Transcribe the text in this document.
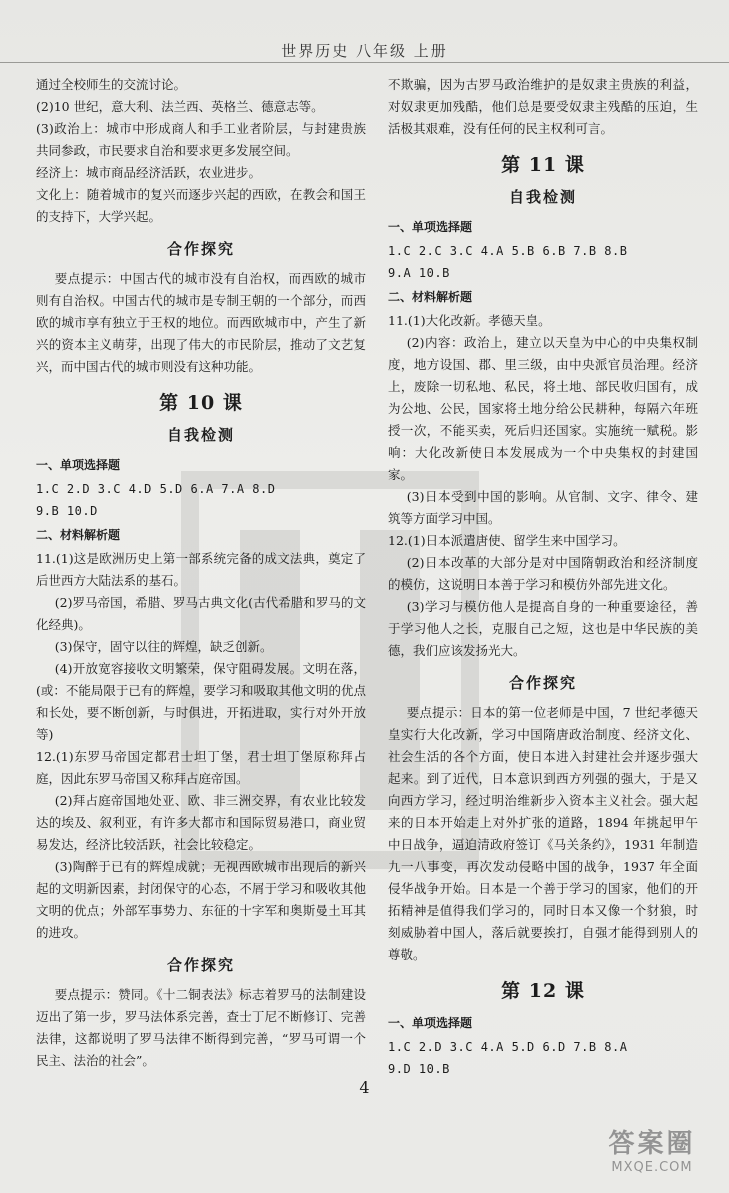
世界历史 八年级 上册

通过全校师生的交流讨论。

(2)10 世纪，意大利、法兰西、英格兰、德意志等。

(3)政治上：城市中形成商人和手工业者阶层，与封建贵族共同参政，市民要求自治和要求更多发展空间。

经济上：城市商品经济活跃，农业进步。

文化上：随着城市的复兴而逐步兴起的西欧，在教会和国王的支持下，大学兴起。

合作探究

要点提示：中国古代的城市没有自治权，而西欧的城市则有自治权。中国古代的城市是专制王朝的一个部分，而西欧的城市享有独立于王权的地位。而西欧城市中，产生了新兴的资本主义萌芽，出现了伟大的市民阶层，推动了文艺复兴，而中国古代的城市则没有这种功能。

第 10 课
自我检测
一、单项选择题
1.C 2.D 3.C 4.D 5.D 6.A 7.A 8.D
9.B 10.D
二、材料解析题

11.(1)这是欧洲历史上第一部系统完备的成文法典，奠定了后世西方大陆法系的基石。

(2)罗马帝国，希腊、罗马古典文化(古代希腊和罗马的文化经典)。

(3)保守，固守以往的辉煌，缺乏创新。

(4)开放宽容接收文明繁荣，保守阻碍发展。文明在落，(或：不能局限于已有的辉煌，要学习和吸取其他文明的优点和长处，要不断创新，与时俱进，开拓进取，实行对外开放等)

12.(1)东罗马帝国定都君士坦丁堡，君士坦丁堡原称拜占庭，因此东罗马帝国又称拜占庭帝国。

(2)拜占庭帝国地处亚、欧、非三洲交界，有农业比较发达的埃及、叙利亚，有许多大都市和国际贸易港口，商业贸易发达，经济比较活跃，社会比较稳定。

(3)陶醉于已有的辉煌成就；无视西欧城市出现后的新兴起的文明新因素，封闭保守的心态，不屑于学习和吸收其他文明的优点；外部军事势力、东征的十字军和奥斯曼土耳其的进攻。

合作探究

要点提示：赞同。《十二铜表法》标志着罗马的法制建设迈出了第一步，罗马法体系完善，查士丁尼不断修订、完善法律，这都说明了罗马法律不断得到完善，“罗马可谓一个民主、法治的社会”。

不欺骗，因为古罗马政治维护的是奴隶主贵族的利益，对奴隶更加残酷，他们总是要受奴隶主残酷的压迫，生活极其艰难，没有任何的民主权利可言。

第 11 课
自我检测
一、单项选择题
1.C 2.C 3.C 4.A 5.B 6.B 7.B 8.B
9.A 10.B
二、材料解析题

11.(1)大化改新。孝德天皇。

(2)内容：政治上，建立以天皇为中心的中央集权制度，地方设国、郡、里三级，由中央派官员治理。经济上，废除一切私地、私民，将土地、部民收归国有，成为公地、公民，国家将土地分给公民耕种，每隔六年班授一次，不能买卖，死后归还国家。实施统一赋税。影响：大化改新使日本发展成为一个中央集权的封建国家。

(3)日本受到中国的影响。从官制、文字、律令、建筑等方面学习中国。

12.(1)日本派遣唐使、留学生来中国学习。

(2)日本改革的大部分是对中国隋朝政治和经济制度的模仿，这说明日本善于学习和模仿外部先进文化。

(3)学习与模仿他人是提高自身的一种重要途径，善于学习他人之长，克服自己之短，这也是中华民族的美德，我们应该发扬光大。

合作探究

要点提示：日本的第一位老师是中国，7 世纪孝德天皇实行大化改新，学习中国隋唐政治制度、经济文化、社会生活的各个方面，使日本进入封建社会并逐步强大起来。到了近代，日本意识到西方列强的强大，于是又向西方学习，经过明治维新步入资本主义社会。强大起来的日本开始走上对外扩张的道路，1894 年挑起甲午中日战争，逼迫清政府签订《马关条约》，1931 年制造九一八事变，再次发动侵略中国的战争，1937 年全面侵华战争开始。日本是一个善于学习的国家，他们的开拓精神是值得我们学习的，同时日本又像一个豺狼，时刻威胁着中国人，落后就要挨打，自强才能得到别人的尊敬。

第 12 课
一、单项选择题
1.C 2.D 3.C 4.A 5.D 6.D 7.B 8.A
9.D 10.B
4
答案圈
MXQE.COM
